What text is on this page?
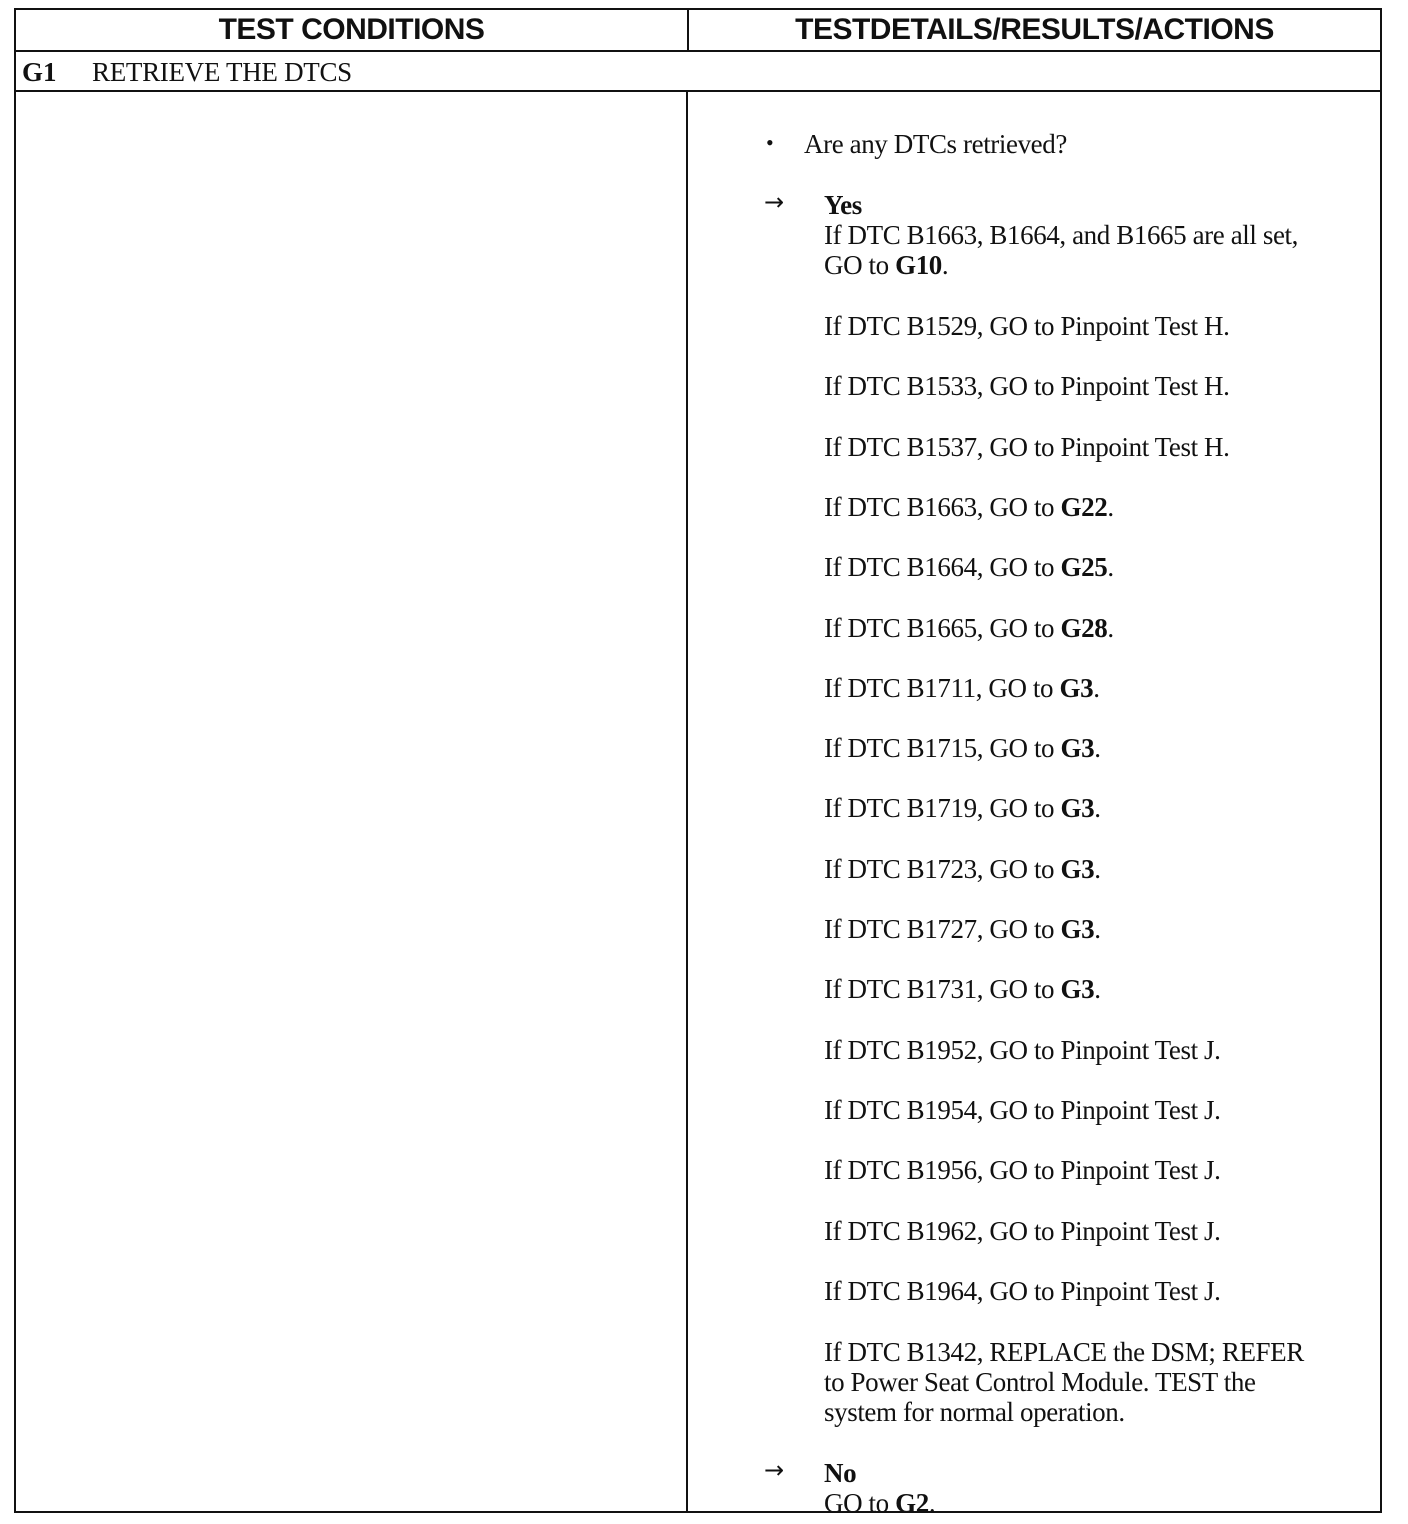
TEST CONDITIONS	TESTDETAILS/RESULTS/ACTIONS
G1 RETRIEVE THE DTCS
• Are any DTCs retrieved?
→ Yes
If DTC B1663, B1664, and B1665 are all set,
GO to G10.
If DTC B1529, GO to Pinpoint Test H.
If DTC B1533, GO to Pinpoint Test H.
If DTC B1537, GO to Pinpoint Test H.
If DTC B1663, GO to G22.
If DTC B1664, GO to G25.
If DTC B1665, GO to G28.
If DTC B1711, GO to G3.
If DTC B1715, GO to G3.
If DTC B1719, GO to G3.
If DTC B1723, GO to G3.
If DTC B1727, GO to G3.
If DTC B1731, GO to G3.
If DTC B1952, GO to Pinpoint Test J.
If DTC B1954, GO to Pinpoint Test J.
If DTC B1956, GO to Pinpoint Test J.
If DTC B1962, GO to Pinpoint Test J.
If DTC B1964, GO to Pinpoint Test J.
If DTC B1342, REPLACE the DSM; REFER
to Power Seat Control Module. TEST the
system for normal operation.
→ No
GO to G2.
